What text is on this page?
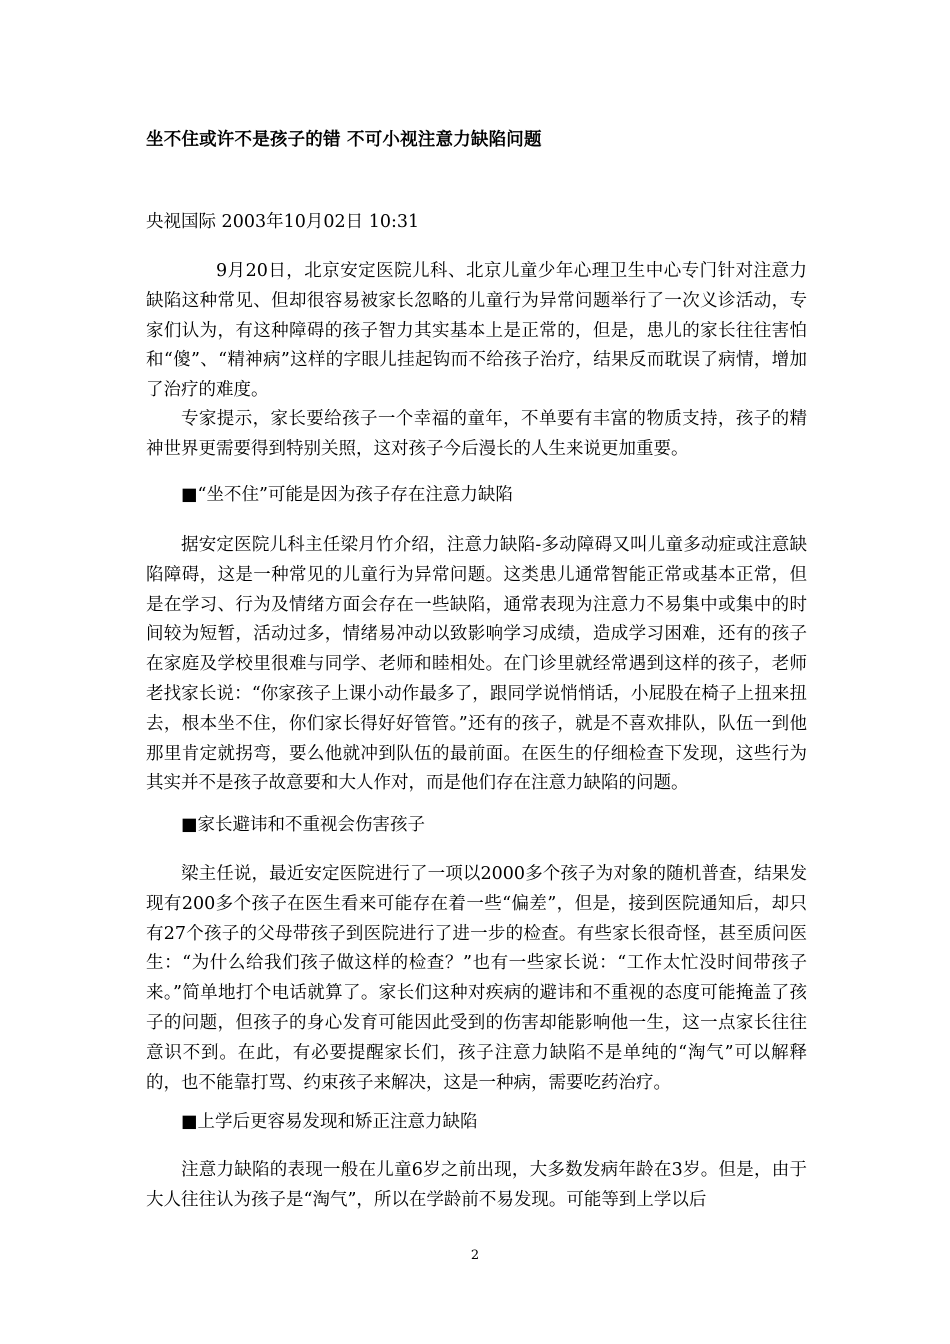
坐不住或许不是孩子的错 不可小视注意力缺陷问题
央视国际 2003年10月02日 10:31

9月20日，北京安定医院儿科、北京儿童少年心理卫生中心专门针对注意力缺陷这种常见、但却很容易被家长忽略的儿童行为异常问题举行了一次义诊活动，专家们认为，有这种障碍的孩子智力其实基本上是正常的，但是，患儿的家长往往害怕和“傻”、“精神病”这样的字眼儿挂起钩而不给孩子治疗，结果反而耽误了病情，增加了治疗的难度。

专家提示，家长要给孩子一个幸福的童年，不单要有丰富的物质支持，孩子的精神世界更需要得到特别关照，这对孩子今后漫长的人生来说更加重要。

■“坐不住”可能是因为孩子存在注意力缺陷

据安定医院儿科主任梁月竹介绍，注意力缺陷-多动障碍又叫儿童多动症或注意缺陷障碍，这是一种常见的儿童行为异常问题。这类患儿通常智能正常或基本正常，但是在学习、行为及情绪方面会存在一些缺陷，通常表现为注意力不易集中或集中的时间较为短暂，活动过多，情绪易冲动以致影响学习成绩，造成学习困难，还有的孩子在家庭及学校里很难与同学、老师和睦相处。在门诊里就经常遇到这样的孩子，老师老找家长说：“你家孩子上课小动作最多了，跟同学说悄悄话，小屁股在椅子上扭来扭去，根本坐不住，你们家长得好好管管。”还有的孩子，就是不喜欢排队，队伍一到他那里肯定就拐弯，要么他就冲到队伍的最前面。在医生的仔细检查下发现，这些行为其实并不是孩子故意要和大人作对，而是他们存在注意力缺陷的问题。

■家长避讳和不重视会伤害孩子

梁主任说，最近安定医院进行了一项以2000多个孩子为对象的随机普查，结果发现有200多个孩子在医生看来可能存在着一些“偏差”，但是，接到医院通知后，却只有27个孩子的父母带孩子到医院进行了进一步的检查。有些家长很奇怪，甚至质问医生：“为什么给我们孩子做这样的检查？”也有一些家长说：“工作太忙没时间带孩子来。”简单地打个电话就算了。家长们这种对疾病的避讳和不重视的态度可能掩盖了孩子的问题，但孩子的身心发育可能因此受到的伤害却能影响他一生，这一点家长往往意识不到。在此，有必要提醒家长们，孩子注意力缺陷不是单纯的“淘气”可以解释的，也不能靠打骂、约束孩子来解决，这是一种病，需要吃药治疗。

■上学后更容易发现和矫正注意力缺陷

注意力缺陷的表现一般在儿童6岁之前出现，大多数发病年龄在3岁。但是，由于大人往往认为孩子是“淘气”，所以在学龄前不易发现。可能等到上学以后

2
